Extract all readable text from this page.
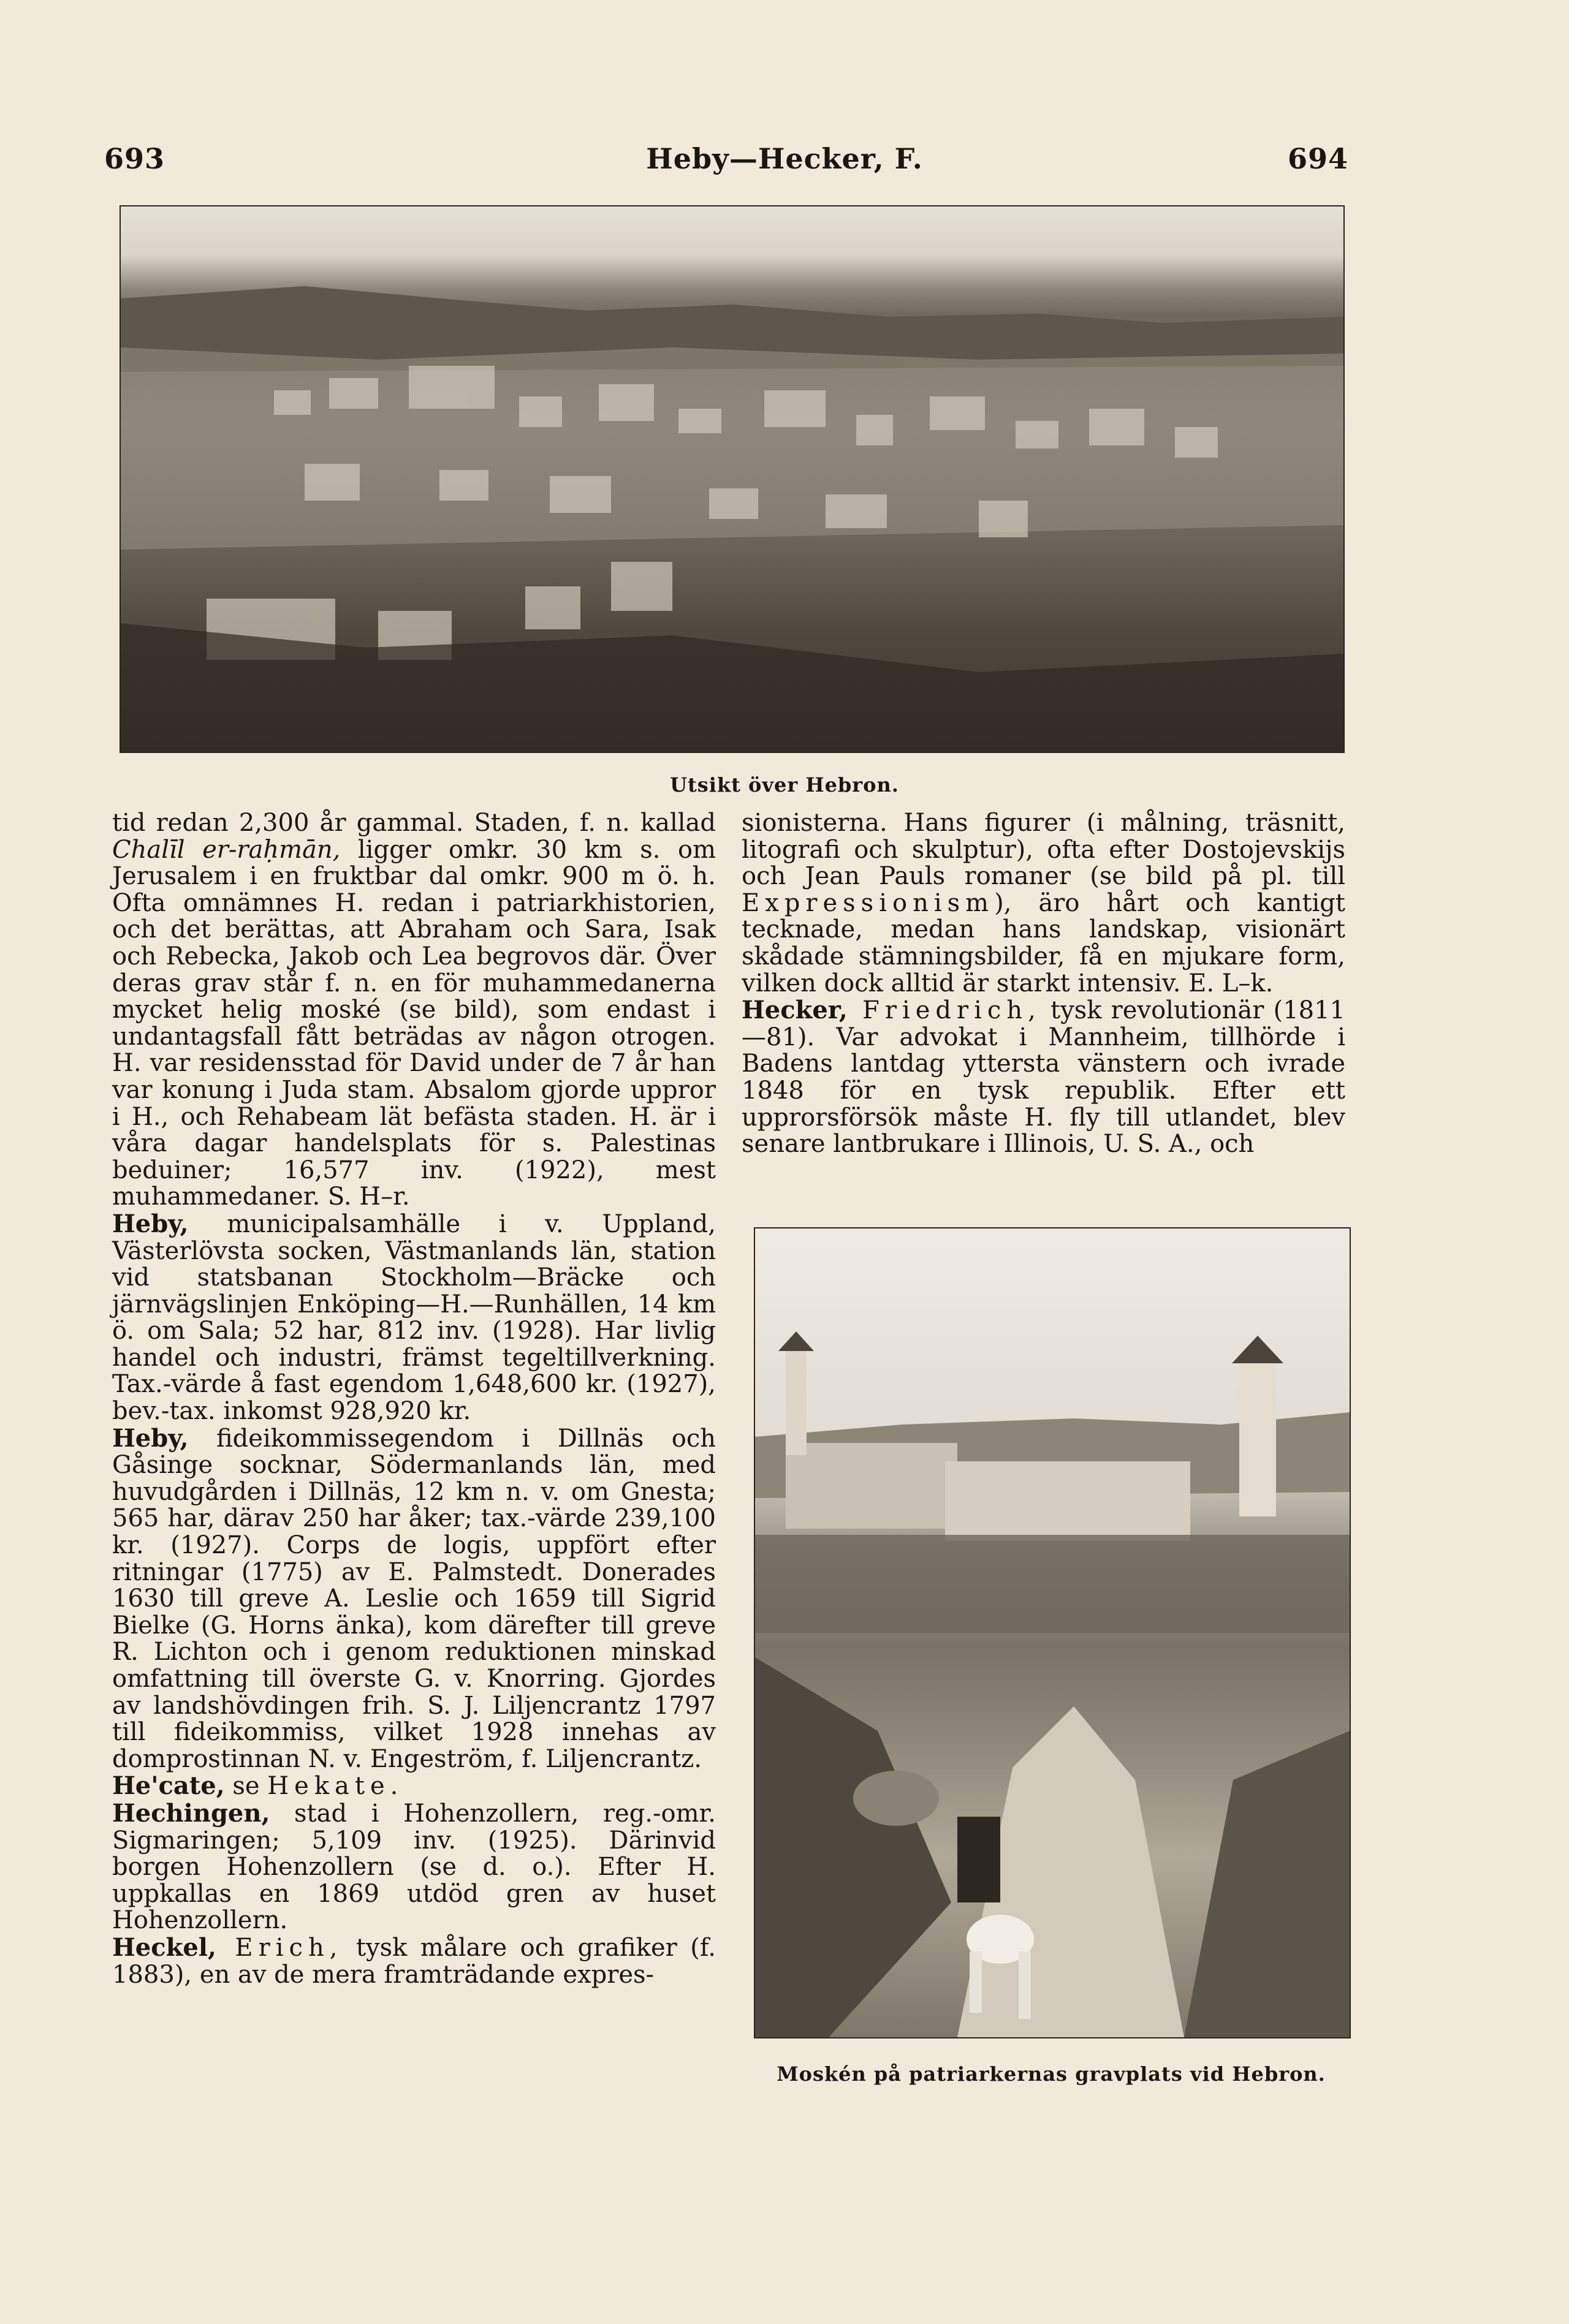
693	Heby—Hecker, F.	694
Utsikt över Hebron.

tid redan 2,300 år gammal. Staden, f. n. kallad Chalīl er-raḥmān, ligger omkr. 30 km s. om Jerusalem i en fruktbar dal omkr. 900 m ö. h. Ofta omnämnes H. redan i patriarkhistorien, och det berättas, att Abraham och Sara, Isak och Rebecka, Jakob och Lea begrovos där. Över deras grav står f. n. en för muhammedanerna mycket helig moské (se bild), som endast i undantagsfall fått beträdas av någon otrogen. H. var residensstad för David under de 7 år han var konung i Juda stam. Absalom gjorde uppror i H., och Rehabeam lät befästa staden. H. är i våra dagar handelsplats för s. Palestinas beduiner; 16,577 inv. (1922), mest muhammedaner. S. H–r.

Heby, municipalsamhälle i v. Uppland, Västerlövsta socken, Västmanlands län, station vid statsbanan Stockholm—Bräcke och järnvägslinjen Enköping—H.—Runhällen, 14 km ö. om Sala; 52 har, 812 inv. (1928). Har livlig handel och industri, främst tegeltillverkning. Tax.-värde å fast egendom 1,648,600 kr. (1927), bev.-tax. inkomst 928,920 kr.

Heby, fideikommissegendom i Dillnäs och Gåsinge socknar, Södermanlands län, med huvudgården i Dillnäs, 12 km n. v. om Gnesta; 565 har, därav 250 har åker; tax.-värde 239,100 kr. (1927). Corps de logis, uppfört efter ritningar (1775) av E. Palmstedt. Donerades 1630 till greve A. Leslie och 1659 till Sigrid Bielke (G. Horns änka), kom därefter till greve R. Lichton och i genom reduktionen minskad omfattning till överste G. v. Knorring. Gjordes av landshövdingen frih. S. J. Liljencrantz 1797 till fideikommiss, vilket 1928 innehas av domprostinnan N. v. Engeström, f. Liljencrantz.

He'cate, se Hekate.

Hechingen, stad i Hohenzollern, reg.-omr. Sigmaringen; 5,109 inv. (1925). Därinvid borgen Hohenzollern (se d. o.). Efter H. uppkallas en 1869 utdöd gren av huset Hohenzollern.

Heckel, Erich, tysk målare och grafiker (f. 1883), en av de mera framträdande expres-

sionisterna. Hans figurer (i målning, träsnitt, litografi och skulptur), ofta efter Dostojevskijs och Jean Pauls romaner (se bild på pl. till Expressionism), äro hårt och kantigt tecknade, medan hans landskap, visionärt skådade stämningsbilder, få en mjukare form, vilken dock alltid är starkt intensiv. E. L–k.

Hecker, Friedrich, tysk revolutionär (1811—81). Var advokat i Mannheim, tillhörde i Badens lantdag yttersta vänstern och ivrade 1848 för en tysk republik. Efter ett upprorsförsök måste H. fly till utlandet, blev senare lantbrukare i Illinois, U. S. A., och

Moskén på patriarkernas gravplats vid Hebron.
